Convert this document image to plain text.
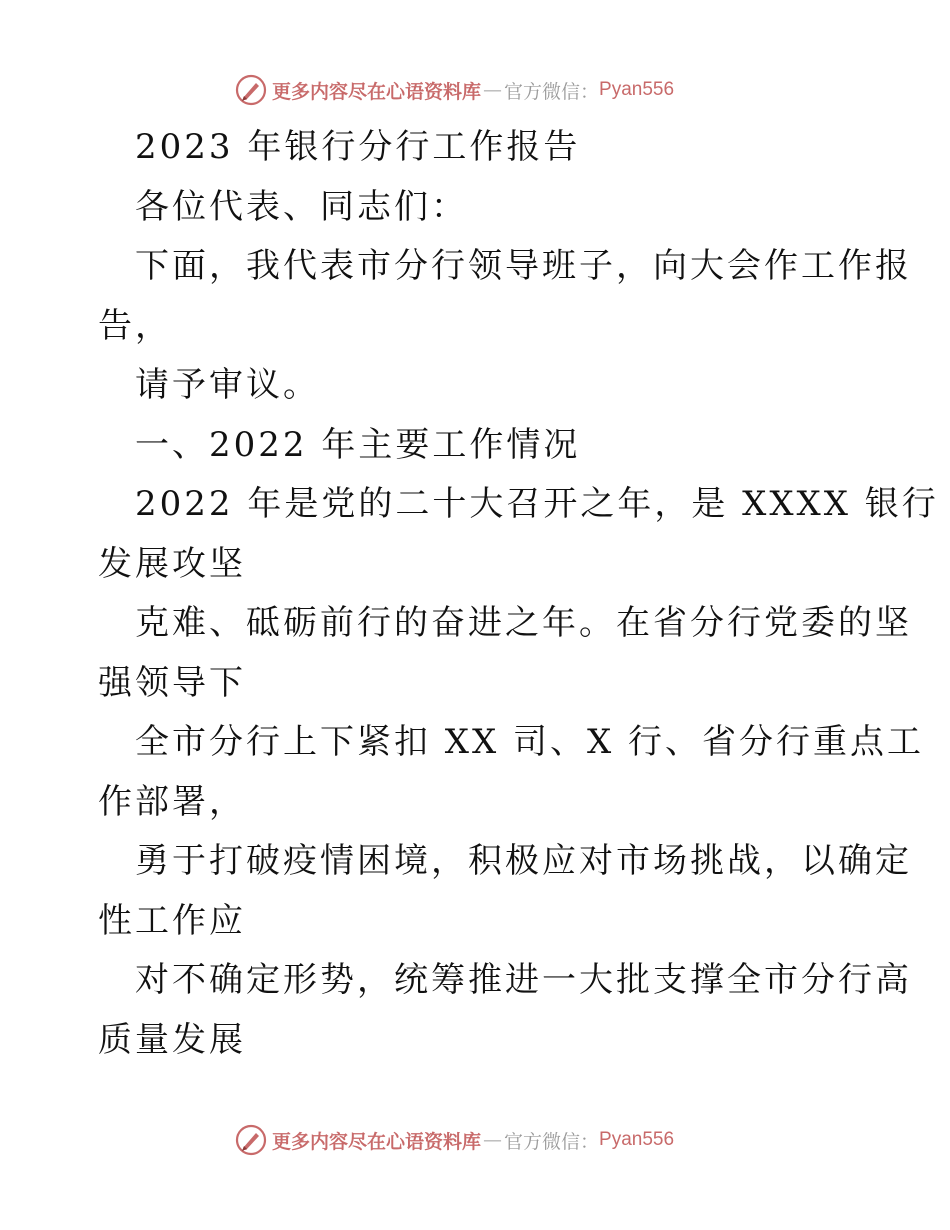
更多内容尽在心语资料库 — 官方微信： Pyan556
2023 年银行分行工作报告
各位代表、同志们：
下面，我代表市分行领导班子，向大会作工作报
告，
请予审议。
一、2022 年主要工作情况
2022 年是党的二十大召开之年，是 XXXX 银行
发展攻坚
克难、砥砺前行的奋进之年。在省分行党委的坚
强领导下
全市分行上下紧扣 XX 司、X 行、省分行重点工
作部署，
勇于打破疫情困境，积极应对市场挑战，以确定
性工作应
对不确定形势，统筹推进一大批支撑全市分行高
质量发展
更多内容尽在心语资料库 — 官方微信： Pyan556
